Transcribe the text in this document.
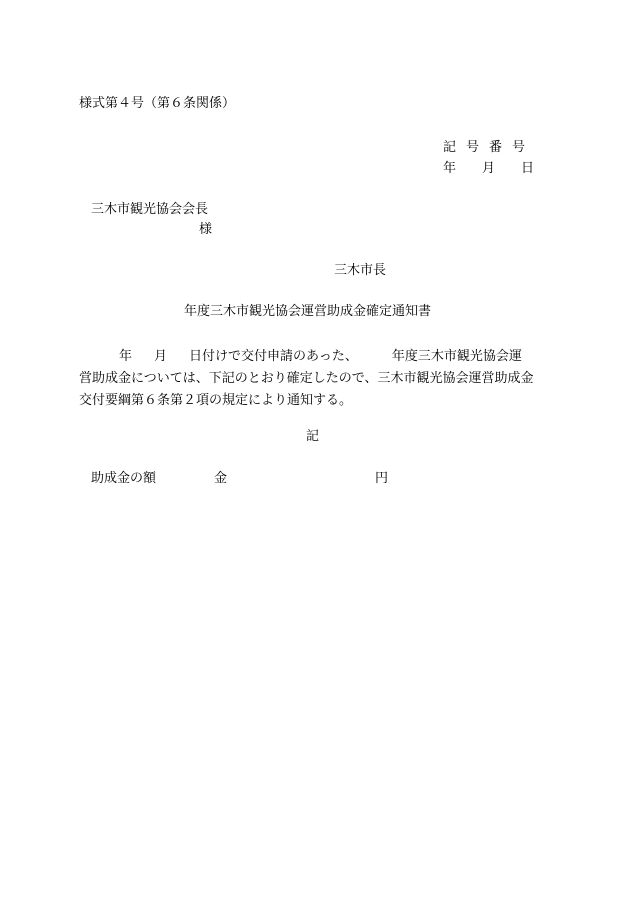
様式第４号（第６条関係）
記 号 番 号
年	月	日
三木市観光協会会長
様
三木市長
年度三木市観光協会運営助成金確定通知書
年 月 日付けで交付申請のあった、	年度三木市観光協会運
営助成金については、下記のとおり確定したので、三木市観光協会運営助成金
交付要綱第６条第２項の規定により通知する。
記
助成金の額	金	円
